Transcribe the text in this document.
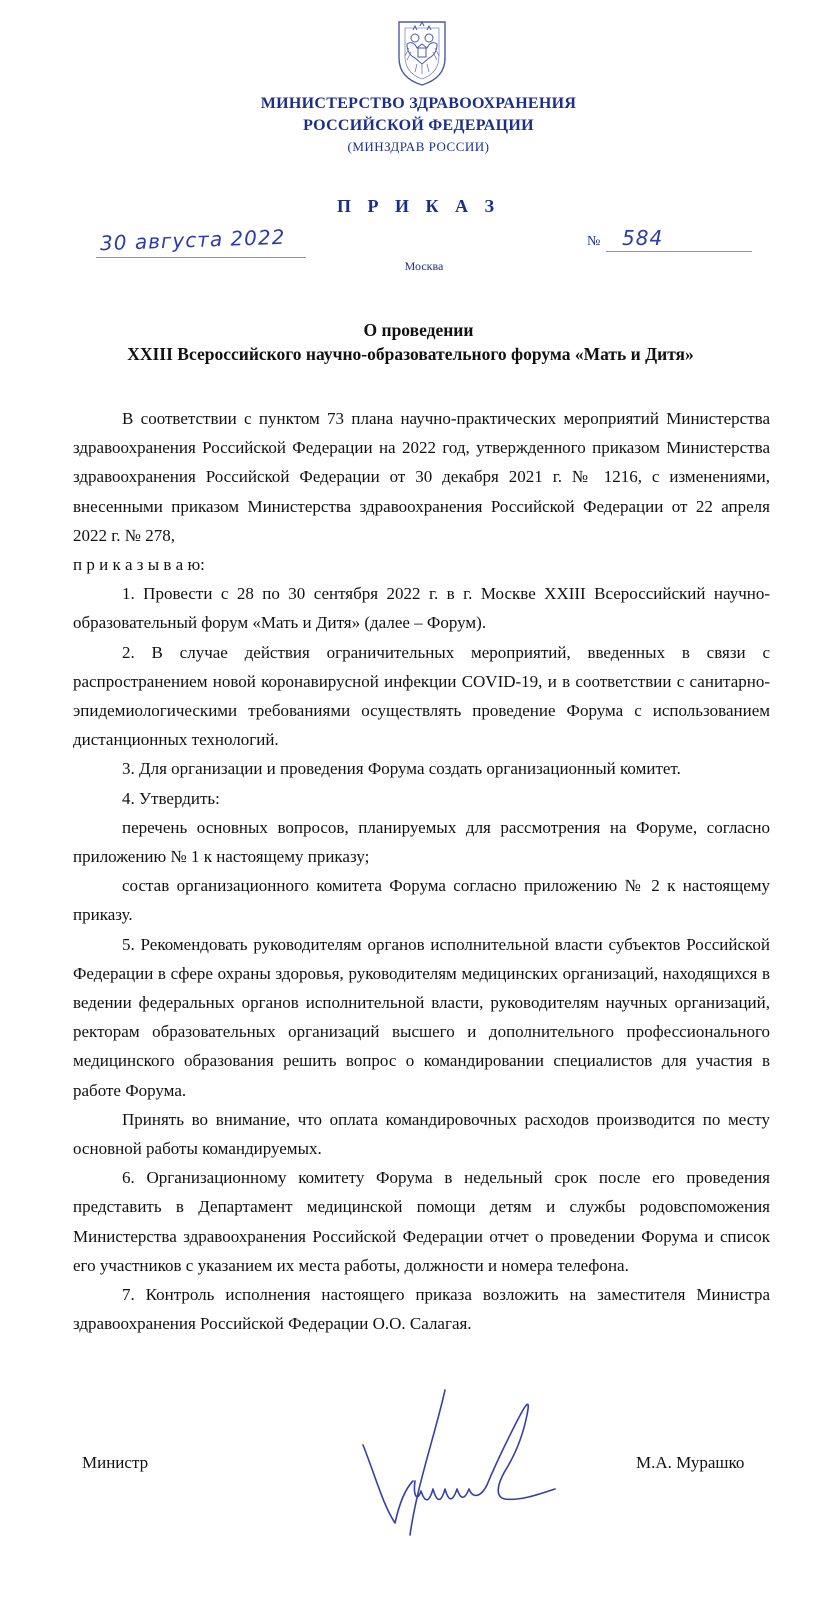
МИНИСТЕРСТВО ЗДРАВООХРАНЕНИЯ
РОССИЙСКОЙ ФЕДЕРАЦИИ
(МИНЗДРАВ РОССИИ)
П Р И К А З
30 августа 2022	№ 584
Москва
О проведении
XXIII Всероссийского научно-образовательного форума «Мать и Дитя»

В соответствии с пунктом 73 плана научно-практических мероприятий Министерства здравоохранения Российской Федерации на 2022 год, утвержденного приказом Министерства здравоохранения Российской Федерации от 30 декабря 2021 г. № 1216, с изменениями, внесенными приказом Министерства здравоохранения Российской Федерации от 22 апреля 2022 г. № 278,

п р и к а з ы в а ю:

1. Провести с 28 по 30 сентября 2022 г. в г. Москве XXIII Всероссийский научно-образовательный форум «Мать и Дитя» (далее – Форум).

2. В случае действия ограничительных мероприятий, введенных в связи с распространением новой коронавирусной инфекции COVID-19, и в соответствии с санитарно-эпидемиологическими требованиями осуществлять проведение Форума с использованием дистанционных технологий.

3. Для организации и проведения Форума создать организационный комитет.

4. Утвердить:

перечень основных вопросов, планируемых для рассмотрения на Форуме, согласно приложению № 1 к настоящему приказу;

состав организационного комитета Форума согласно приложению № 2 к настоящему приказу.

5. Рекомендовать руководителям органов исполнительной власти субъектов Российской Федерации в сфере охраны здоровья, руководителям медицинских организаций, находящихся в ведении федеральных органов исполнительной власти, руководителям научных организаций, ректорам образовательных организаций высшего и дополнительного профессионального медицинского образования решить вопрос о командировании специалистов для участия в работе Форума.

Принять во внимание, что оплата командировочных расходов производится по месту основной работы командируемых.

6. Организационному комитету Форума в недельный срок после его проведения представить в Департамент медицинской помощи детям и службы родовспоможения Министерства здравоохранения Российской Федерации отчет о проведении Форума и список его участников с указанием их места работы, должности и номера телефона.

7. Контроль исполнения настоящего приказа возложить на заместителя Министра здравоохранения Российской Федерации О.О. Салагая.

Министр	М.А. Мурашко
